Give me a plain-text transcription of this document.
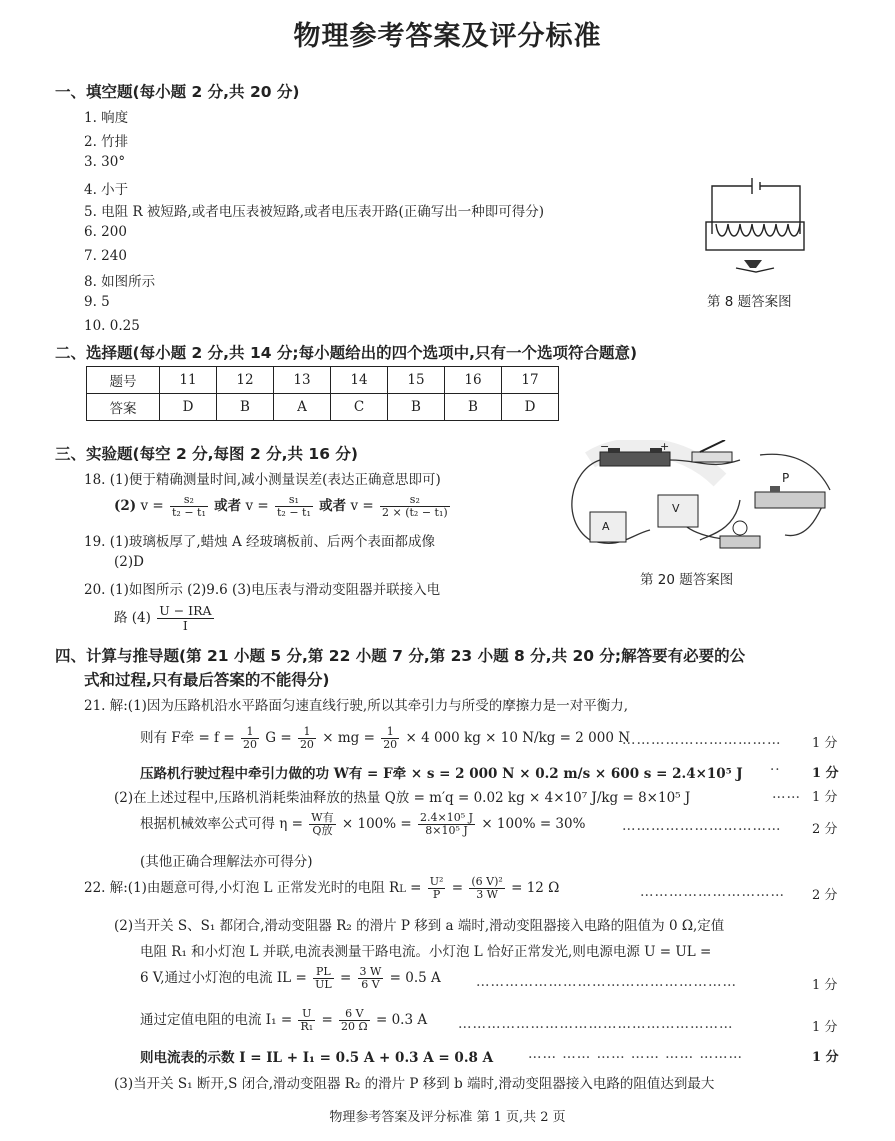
物理参考答案及评分标准
一、填空题(每小题 2 分,共 20 分)
1. 响度
2. 竹排
3. 30°
4. 小于
5. 电阻 R 被短路,或者电压表被短路,或者电压表开路(正确写出一种即可得分)
6. 200
7. 240
8. 如图所示
9. 5
10. 0.25
第 8 题答案图
二、选择题(每小题 2 分,共 14 分;每小题给出的四个选项中,只有一个选项符合题意)
题号	11	12	13	14	15	16	17
答案	D	B	A	C	B	B	D
三、实验题(每空 2 分,每图 2 分,共 16 分)
18. (1)便于精确测量时间,减小测量误差(表达正确意思即可)
(2) $v = \frac{\text{s₂}}{\text{t₂ − t₁}}$ 或者 $v = \frac{\text{s₁}}{\text{t₂ − t₁}}$ 或者 $v = \frac{\text{s₂}}{\text{2 × (t₂ − t₁)}}$
19. (1)玻璃板厚了,蜡烛 A 经玻璃板前、后两个表面都成像
(2)D
20. (1)如图所示 (2)9.6 (3)电压表与滑动变阻器并联接入电
路 $(4) \frac{\text{U − IRA}}{I}$
−	+
P
A
V
第 20 题答案图
四、计算与推导题(第 21 小题 5 分,第 22 小题 7 分,第 23 小题 8 分,共 20 分;解答要有必要的公
式和过程,只有最后答案的不能得分)
21. 解:(1)因为压路机沿水平路面匀速直线行驶,所以其牵引力与所受的摩擦力是一对平衡力,
则有 F牵 = $f = \frac{1}{20}$ $G = \frac{1}{20}$ × mg = $\frac{1}{20} \times 4$ 000 kg × 10 N/kg = 2 000 N
…………………………… 1 分
压路机行驶过程中牵引力做的功 W有 = F牵 × s = 2 000 N × 0.2 m/s × 600 s = 2.4×10⁵ J ·· 1 分
(2)在上述过程中,压路机消耗柴油释放的热量 Q放 = m′q = 0.02 kg × 4×10⁷ J/kg = 8×10⁵ J	…… 1 分
根据机械效率公式可得 $\eta = \frac{\text{W有}}{\text{Q放}} \times 100\% = \frac{\text{2.4×10⁵ J}}{\text{8×10⁵ J}} \times 100\% = 30\%$	…………………………… 2 分
(其他正确合理解法亦可得分)
22. 解:(1)由题意可得,小灯泡 L 正常发光时的电阻 RL = $\frac{\text{U²}}{P} = \frac{\text{(6 V)²}}{3 W} = 12$ Ω	………………………… 2 分
(2)当开关 S、S₁ 都闭合,滑动变阻器 R₂ 的滑片 P 移到 a 端时,滑动变阻器接入电路的阻值为 0 Ω,定值
电阻 R₁ 和小灯泡 L 并联,电流表测量干路电流。小灯泡 L 恰好正常发光,则电源电源 U = UL =
6 V,通过小灯泡的电流 IL = $\frac{PL}{UL} = \frac{3 W}{6 V} = 0.5$ A	………………………………………………	1 分
通过定值电阻的电流 $I_1 = \frac{U}{\text{R₁}} = \frac{6 V}{20 \Omega} = 0.3$ A …………………………………………………	1 分
则电流表的示数 I = IL + I₁ = 0.5 A + 0.3 A = 0.8 A	…… …… …… …… …… ………	1 分
(3)当开关 S₁ 断开,S 闭合,滑动变阻器 R₂ 的滑片 P 移到 b 端时,滑动变阻器接入电路的阻值达到最大
物理参考答案及评分标准 第 1 页,共 2 页
